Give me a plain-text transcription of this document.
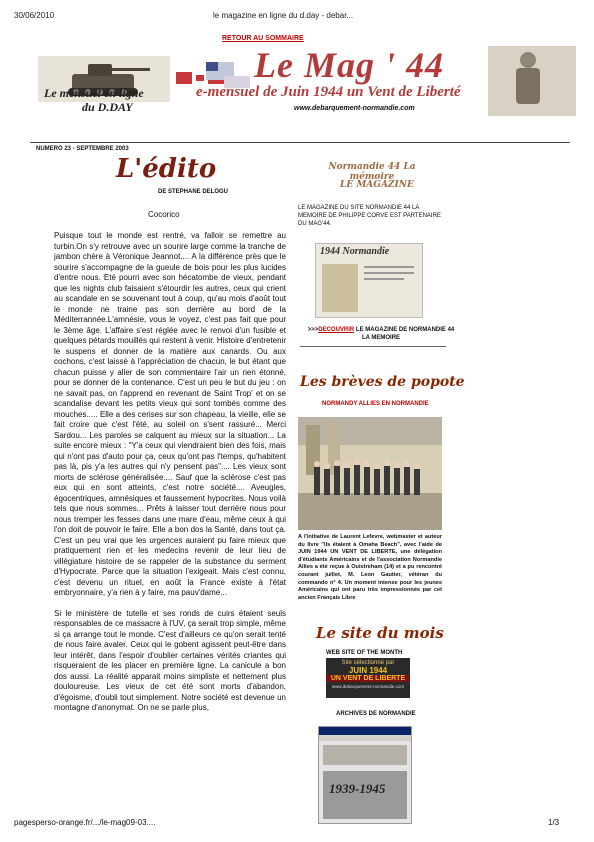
30/06/2010	le magazine en ligne du d.day - debar...
RETOUR AU SOMMAIRE
Le mensuel en ligne
du D.DAY
Le Mag ' 44
e-mensuel de Juin 1944 un Vent de Liberté
www.debarquement-normandie.com
NUMERO 23 - SEPTEMBRE 2003
L'édito
DE STEPHANE DELOGU
Cocorico

Puisque tout le monde est rentré, va falloir se remettre au turbin.On s'y retrouve avec un sourire large comme la tranche de jambon chère à Véronique Jeannot.... A la différence près que le sourire s'accompagne de la gueule de bois pour les plus lucides d'entre nous. Eté pourri avec son hécatombe de vieux, pendant que les nights club faisaient s'étourdir les autres, ceux qui crient au scandale en se souvenant tout à coup, qu'au mois d'août tout le monde ne traine pas son derrière au bord de la Méditerrannée.L'amnésie, vous le voyez, c'est pas fait que pour le 3ème âge. L'affaire s'est réglée avec le renvoi d'un fusible et quelques pétards mouillés qui restent à venir. Histoire d'entretenir le suspens et donner de la matière aux canards. Ou aux cochons, c'est laissé à l'appréciation de chacun, le but étant que chacun puisse y aller de son commentaire l'air un rien étonné, pour se donner de la contenance. C'est un peu le but du jeu : on ne savait pas, on l'apprend en revenant de Saint Trop' et on se scandalise devant les petits vieux qui sont tombés comme des mouches..... Elle a des cerises sur son chapeau, la vieille, elle se fait croire que c'est l'été, au soleil on s'sent rassuré... Merci Sardou... Les paroles se calquent au mieux sur la situation... La suite encore mieux : "Y'a ceux qui viendraient bien des fois, mais qui n'ont pas d'auto pour ça, ceux qu'ont pas l'temps, qu'habitent pas là, pis y'a les autres qui n'y pensent pas".... Les vieux sont morts de sclérose généralisée.... Sauf que la sclérose c'est pas eux qui en sont atteints, c'est notre société.... Aveugles, égocentriques, amnésiques et faussement hypocrites. Nous voilà tels que nous sommes... Prêts à laisser tout derrière nous pour nous tremper les fesses dans une mare d'eau, même ceux à qui l'on doit de pouvoir le faire. Elle a bon dos la Santé, dans tout ça. C'est un peu vrai que les urgences auraient pu faire mieux que pratiquement rien et les medecins revenir de leur lieu de villégiature histoire de se rappeler de la substance du serment d'Hypocrate. Parce que la situation l'exigeait. Mais c'est connu, c'est devenu un rituel, en août la France existe à l'état embryonnaire, y'a rien à y faire, ma pauv'dame...

Si le ministère de tutelle et ses ronds de cuirs étaient seuls responsables de ce massacre à l'UV, ça serait trop simple, même si ça arrange tout le monde. C'est d'ailleurs ce qu'on serait tenté de nous faire avaler. Ceux qui le gobent agissent peut-être dans leur intérêt, dans l'espoir d'oublier certaines vérités criantes qui risqueraient de les placer en première ligne. La canicule a bon dos aussi. La réalité apparait moins simpliste et nettement plus douloureuse. Les vieux de cet été sont morts d'abandon, d'égoisme, d'oubli tout simplement. Notre société est devenue un montagne d'anonymat. On ne se parle plus,

Normandie 44 La mémoire
LE MAGAZINE
LE MAGAZINE DU SITE NORMANDIE 44 LA MEMOIRE DE PHILIPPE CORVE EST PARTENAIRE DU MAG'44.
1944 Normandie
>>>DECOUVRIR LE MAGAZINE DE NORMANDIE 44 LA MEMOIRE
Les brèves de popote
NORMANDY ALLIES EN NORMANDIE
A l'initiative de Laurent Lefevre, webmaster et auteur du livre "ils étaient à Omaha Beach", avec l'aide de JUIN 1944 UN VENT DE LIBERTE, une délégation d'étudiants Américains et de l'association Normandie Allies a été reçue à Ouistreham (14) et a pu rencontré courant juillet, M. Leon Gautier, vétéran du commando n° 4. Un moment intense pour les jeunes Américains qui ont paru très impressionnés par cet ancien Français Libre
Le site du mois
WEB SITE OF THE MONTH
Site sélectionné par
JUIN 1944
UN VENT DE LIBERTE
www.debarquement-normandie.com
ARCHIVES DE NORMANDIE
1939-1945
pagesperso-orange.fr/.../le-mag09-03....	1/3
